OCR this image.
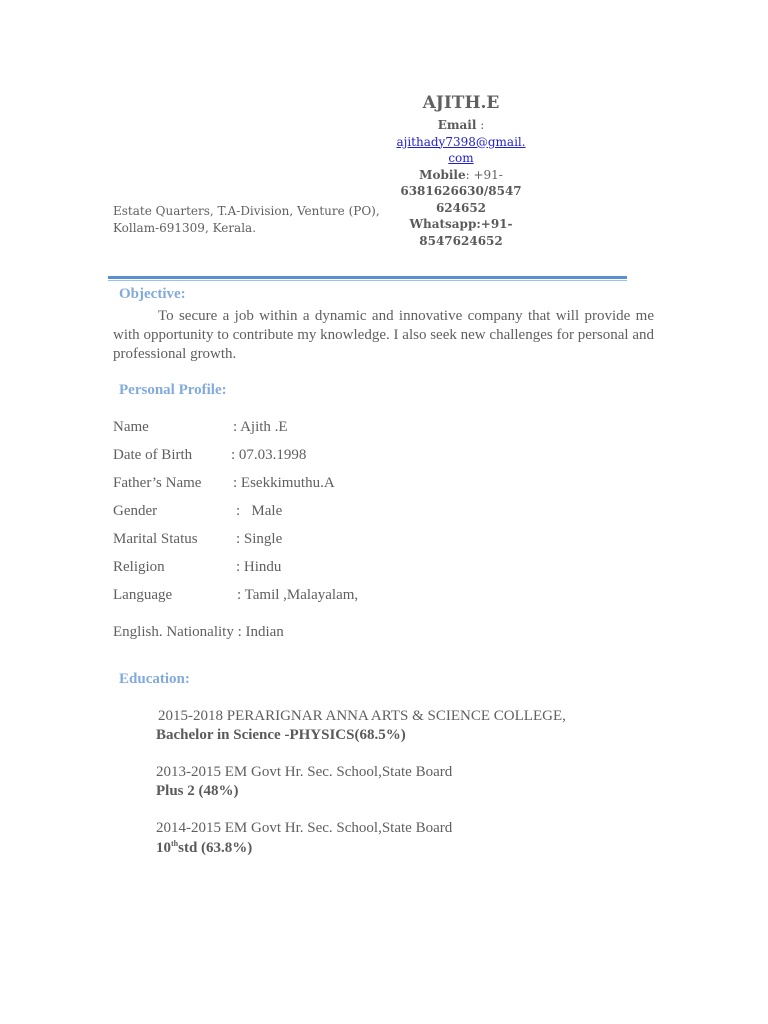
AJITH.E
Email :
ajithady7398@gmail.
com
Mobile: +91-
6381626630/8547
624652
Whatsapp:+91-
8547624652
Estate Quarters, T.A-Division, Venture (PO),
Kollam-691309, Kerala.
Objective:
To secure a job within a dynamic and innovative company that will provide me with opportunity to contribute my knowledge. I also seek new challenges for personal and professional growth.
Personal Profile:
Name	: Ajith .E
Date of Birth	: 07.03.1998
Father’s Name : Esekkimuthu.A
Gender	:   Male
Marital Status	: Single
Religion	: Hindu
Language	: Tamil ,Malayalam,
English. Nationality : Indian
Education:
2015-2018 PERARIGNAR ANNA ARTS & SCIENCE COLLEGE,
Bachelor in Science -PHYSICS(68.5%)
2013-2015 EM Govt Hr. Sec. School,State Board
Plus 2 (48%)
2014-2015 EM Govt Hr. Sec. School,State Board
10thstd (63.8%)
